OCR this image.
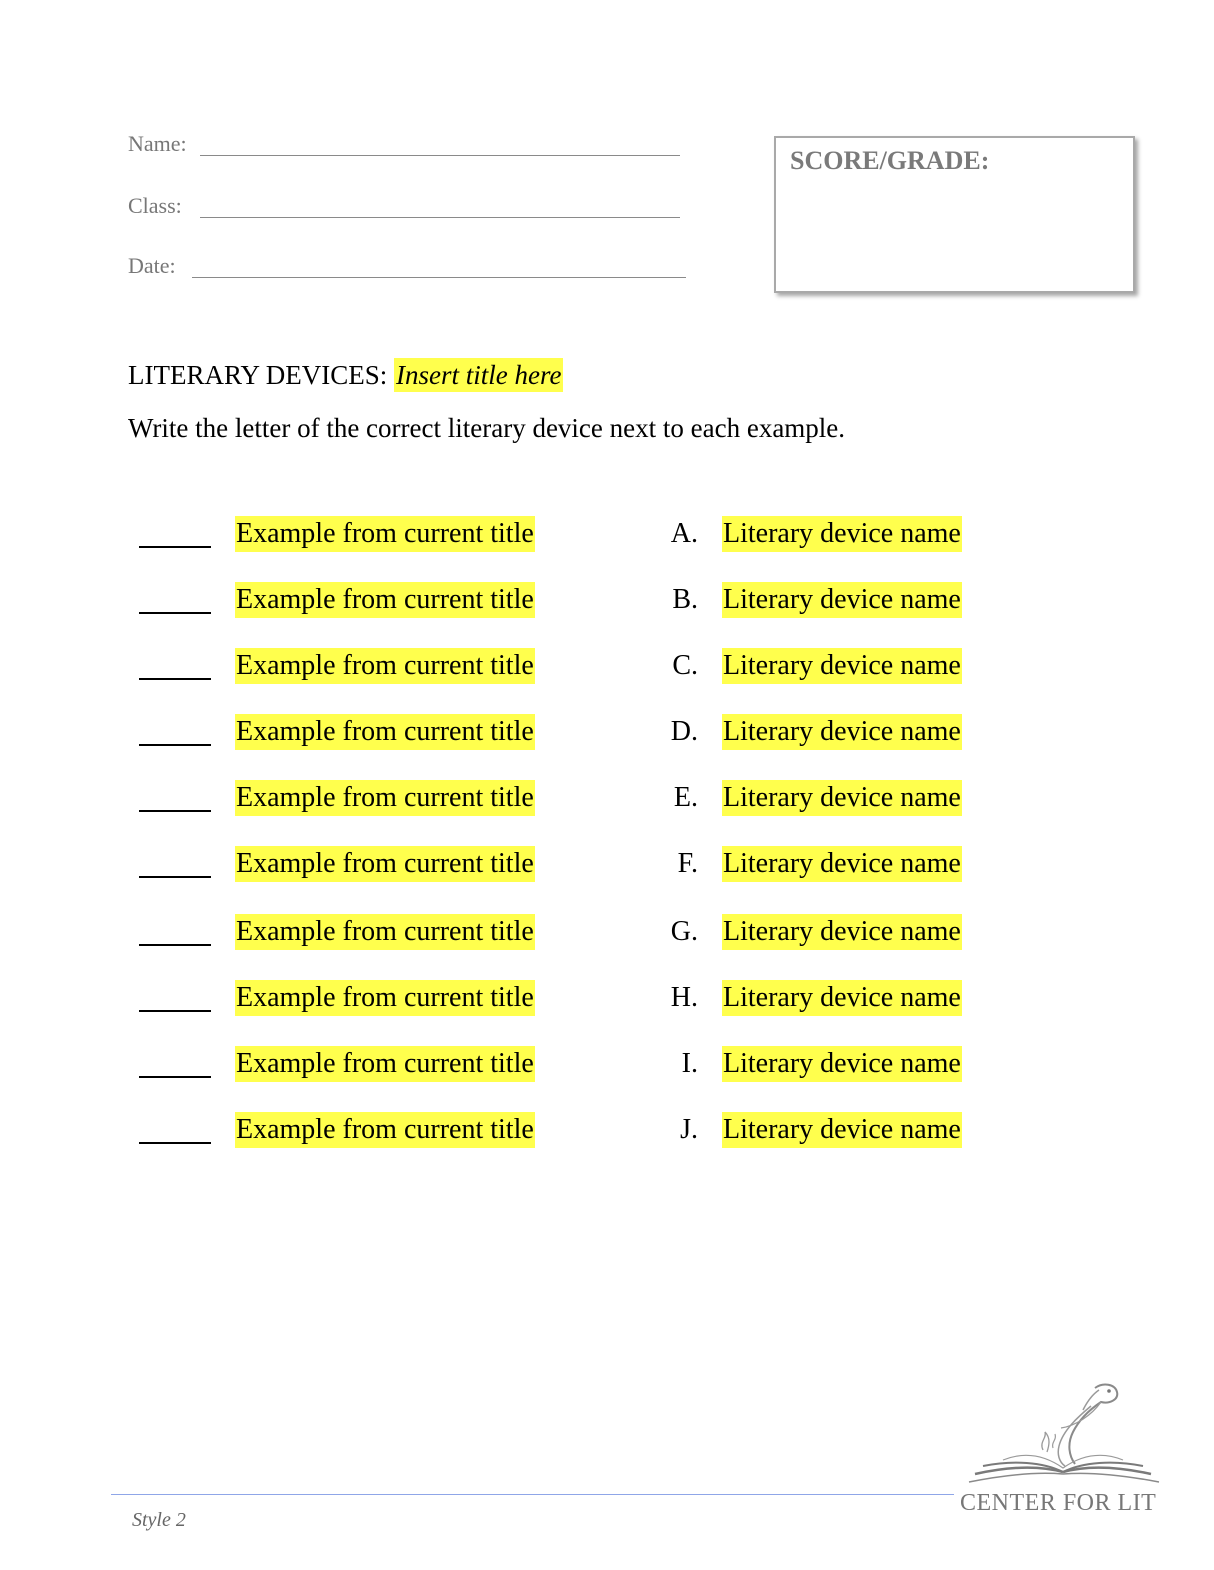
Name:
Class:
Date:
SCORE/GRADE:
LITERARY DEVICES: Insert title here
Write the letter of the correct literary device next to each example.
Example from current title	A. Literary device name
Example from current title	B. Literary device name
Example from current title	C. Literary device name
Example from current title	D. Literary device name
Example from current title	E. Literary device name
Example from current title	F. Literary device name
Example from current title	G. Literary device name
Example from current title	H. Literary device name
Example from current title	I. Literary device name
Example from current title	J. Literary device name
Style 2
CENTER FOR LIT
